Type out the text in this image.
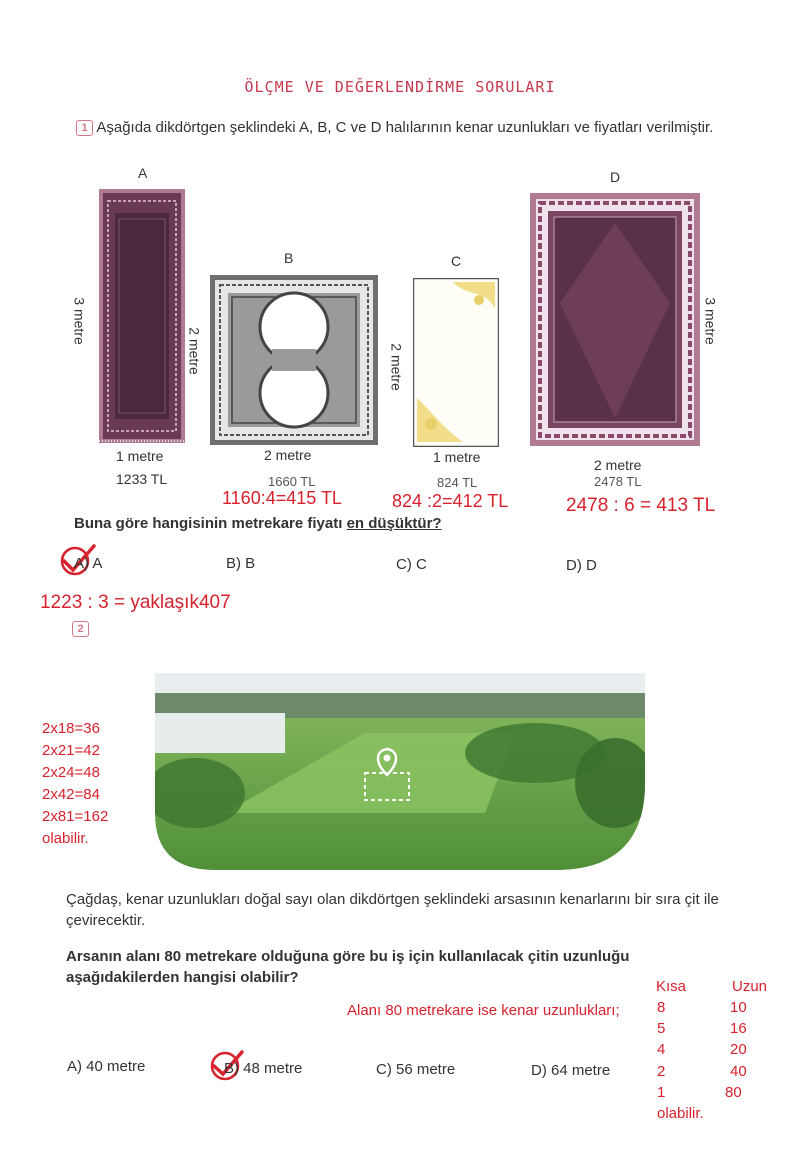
ÖLÇME VE DEĞERLENDİRME SORULARI
1 Aşağıda dikdörtgen şeklindeki A, B, C ve D halılarının kenar uzunlukları ve fiyatları verilmiştir.
A
B	C
D
3 metre
1 metre
1233 TL
2 metre
2 metre
1660 TL
2 metre
1 metre
824 TL
3 metre
2 metre
2478 TL
1160:4=415 TL	824 :2=412 TL	2478 : 6 = 413 TL
Buna göre hangisinin metrekare fiyatı en düşüktür?
A) A	B) B	C) C	D) D
1223 : 3 = yaklaşık407
2
2x18=36
2x21=42
2x24=48
2x42=84
2x81=162
olabilir.
Çağdaş, kenar uzunlukları doğal sayı olan dikdörtgen şeklindeki arsasının kenarlarını bir sıra çit ile çevirecektir.
Arsanın alanı 80 metrekare olduğuna göre bu iş için kullanılacak çitin uzunluğu aşağıdakilerden hangisi olabilir?
Alanı 80 metrekare ise kenar uzunlukları;
Kısa	Uzun
8	10
5	16
4	20
2	40
1	80
olabilir.
A) 40 metre	B) 48 metre	C) 56 metre	D) 64 metre
